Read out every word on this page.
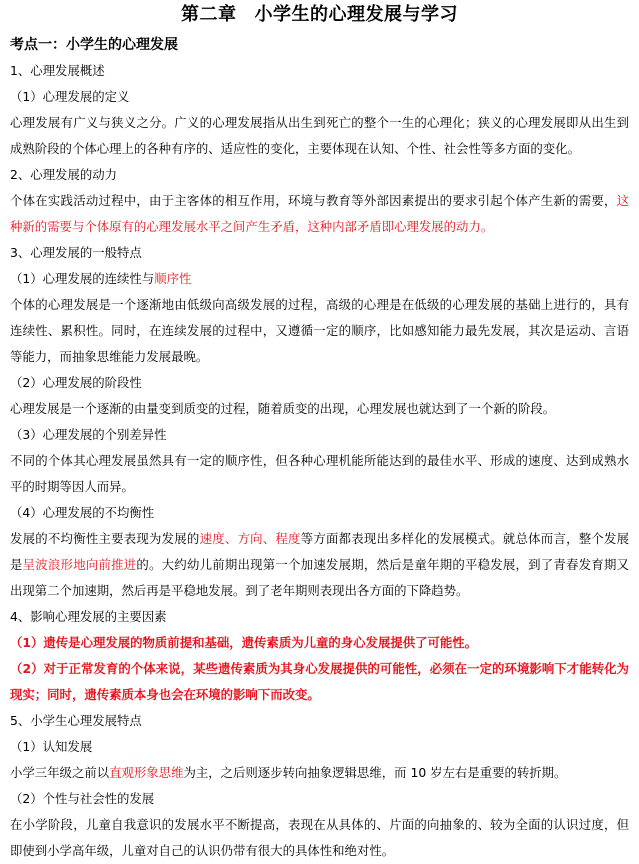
第二章 小学生的心理发展与学习
考点一：小学生的心理发展

1、心理发展概述

（1）心理发展的定义

心理发展有广义与狭义之分。广义的心理发展指从出生到死亡的整个一生的心理化；狭义的心理发展即从出生到成熟阶段的个体心理上的各种有序的、适应性的变化，主要体现在认知、个性、社会性等多方面的变化。

2、心理发展的动力

个体在实践活动过程中，由于主客体的相互作用，环境与教育等外部因素提出的要求引起个体产生新的需要，这种新的需要与个体原有的心理发展水平之间产生矛盾，这种内部矛盾即心理发展的动力。

3、心理发展的一般特点

（1）心理发展的连续性与顺序性

个体的心理发展是一个逐渐地由低级向高级发展的过程，高级的心理是在低级的心理发展的基础上进行的，具有连续性、累积性。同时，在连续发展的过程中，又遵循一定的顺序，比如感知能力最先发展，其次是运动、言语等能力，而抽象思维能力发展最晚。

（2）心理发展的阶段性

心理发展是一个逐渐的由量变到质变的过程，随着质变的出现，心理发展也就达到了一个新的阶段。

（3）心理发展的个别差异性

不同的个体其心理发展虽然具有一定的顺序性，但各种心理机能所能达到的最佳水平、形成的速度、达到成熟水平的时期等因人而异。

（4）心理发展的不均衡性

发展的不均衡性主要表现为发展的速度、方向、程度等方面都表现出多样化的发展模式。就总体而言，整个发展是呈波浪形地向前推进的。大约幼儿前期出现第一个加速发展期，然后是童年期的平稳发展，到了青春发育期又出现第二个加速期，然后再是平稳地发展。到了老年期则表现出各方面的下降趋势。

4、影响心理发展的主要因素

（1）遗传是心理发展的物质前提和基础，遗传素质为儿童的身心发展提供了可能性。

（2）对于正常发育的个体来说，某些遗传素质为其身心发展提供的可能性，必须在一定的环境影响下才能转化为现实；同时，遗传素质本身也会在环境的影响下而改变。

5、小学生心理发展特点

（1）认知发展

小学三年级之前以直观形象思维为主，之后则逐步转向抽象逻辑思维，而 10 岁左右是重要的转折期。

（2）个性与社会性的发展

在小学阶段，儿童自我意识的发展水平不断提高，表现在从具体的、片面的向抽象的、较为全面的认识过度，但即使到小学高年级，儿童对自己的认识仍带有很大的具体性和绝对性。
